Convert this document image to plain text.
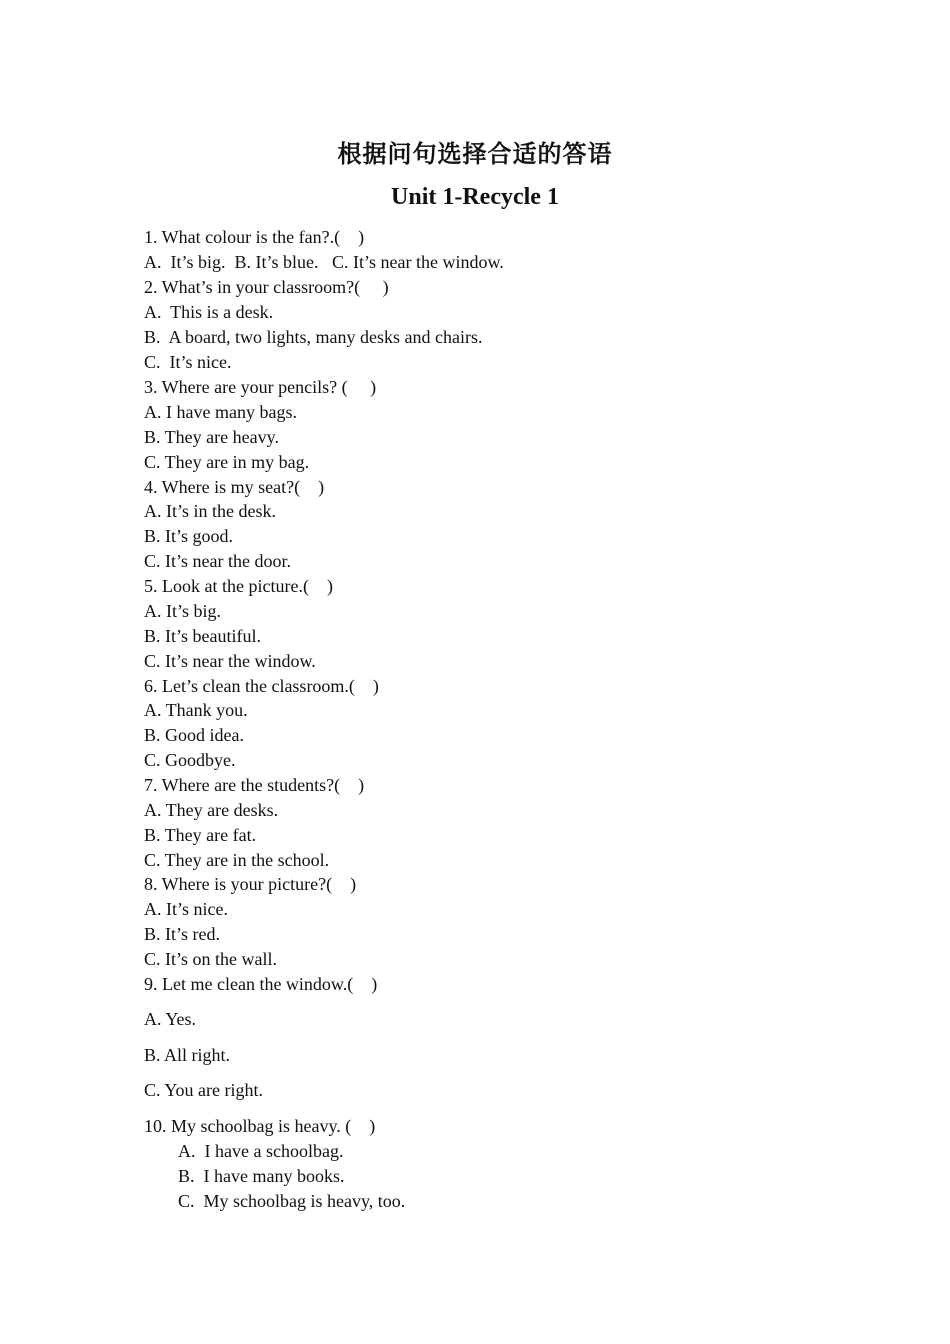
根据问句选择合适的答语
Unit 1-Recycle 1
1. What colour is the fan?.(    )
A.  It’s big.  B. It’s blue.   C. It’s near the window.
2. What’s in your classroom?(     )
A.  This is a desk.
B.  A board, two lights, many desks and chairs.
C.  It’s nice.
3. Where are your pencils? (     )
A. I have many bags.
B. They are heavy.
C. They are in my bag.
4. Where is my seat?(    )
A. It’s in the desk.
B. It’s good.
C. It’s near the door.
5. Look at the picture.(    )
A. It’s big.
B. It’s beautiful.
C. It’s near the window.
6. Let’s clean the classroom.(    )
A. Thank you.
B. Good idea.
C. Goodbye.
7. Where are the students?(    )
A. They are desks.
B. They are fat.
C. They are in the school.
8. Where is your picture?(    )
A. It’s nice.
B. It’s red.
C. It’s on the wall.
9. Let me clean the window.(    )
A. Yes.
B. All right.
C. You are right.
10. My schoolbag is heavy. (    )
A.  I have a schoolbag.
B.  I have many books.
C.  My schoolbag is heavy, too.
